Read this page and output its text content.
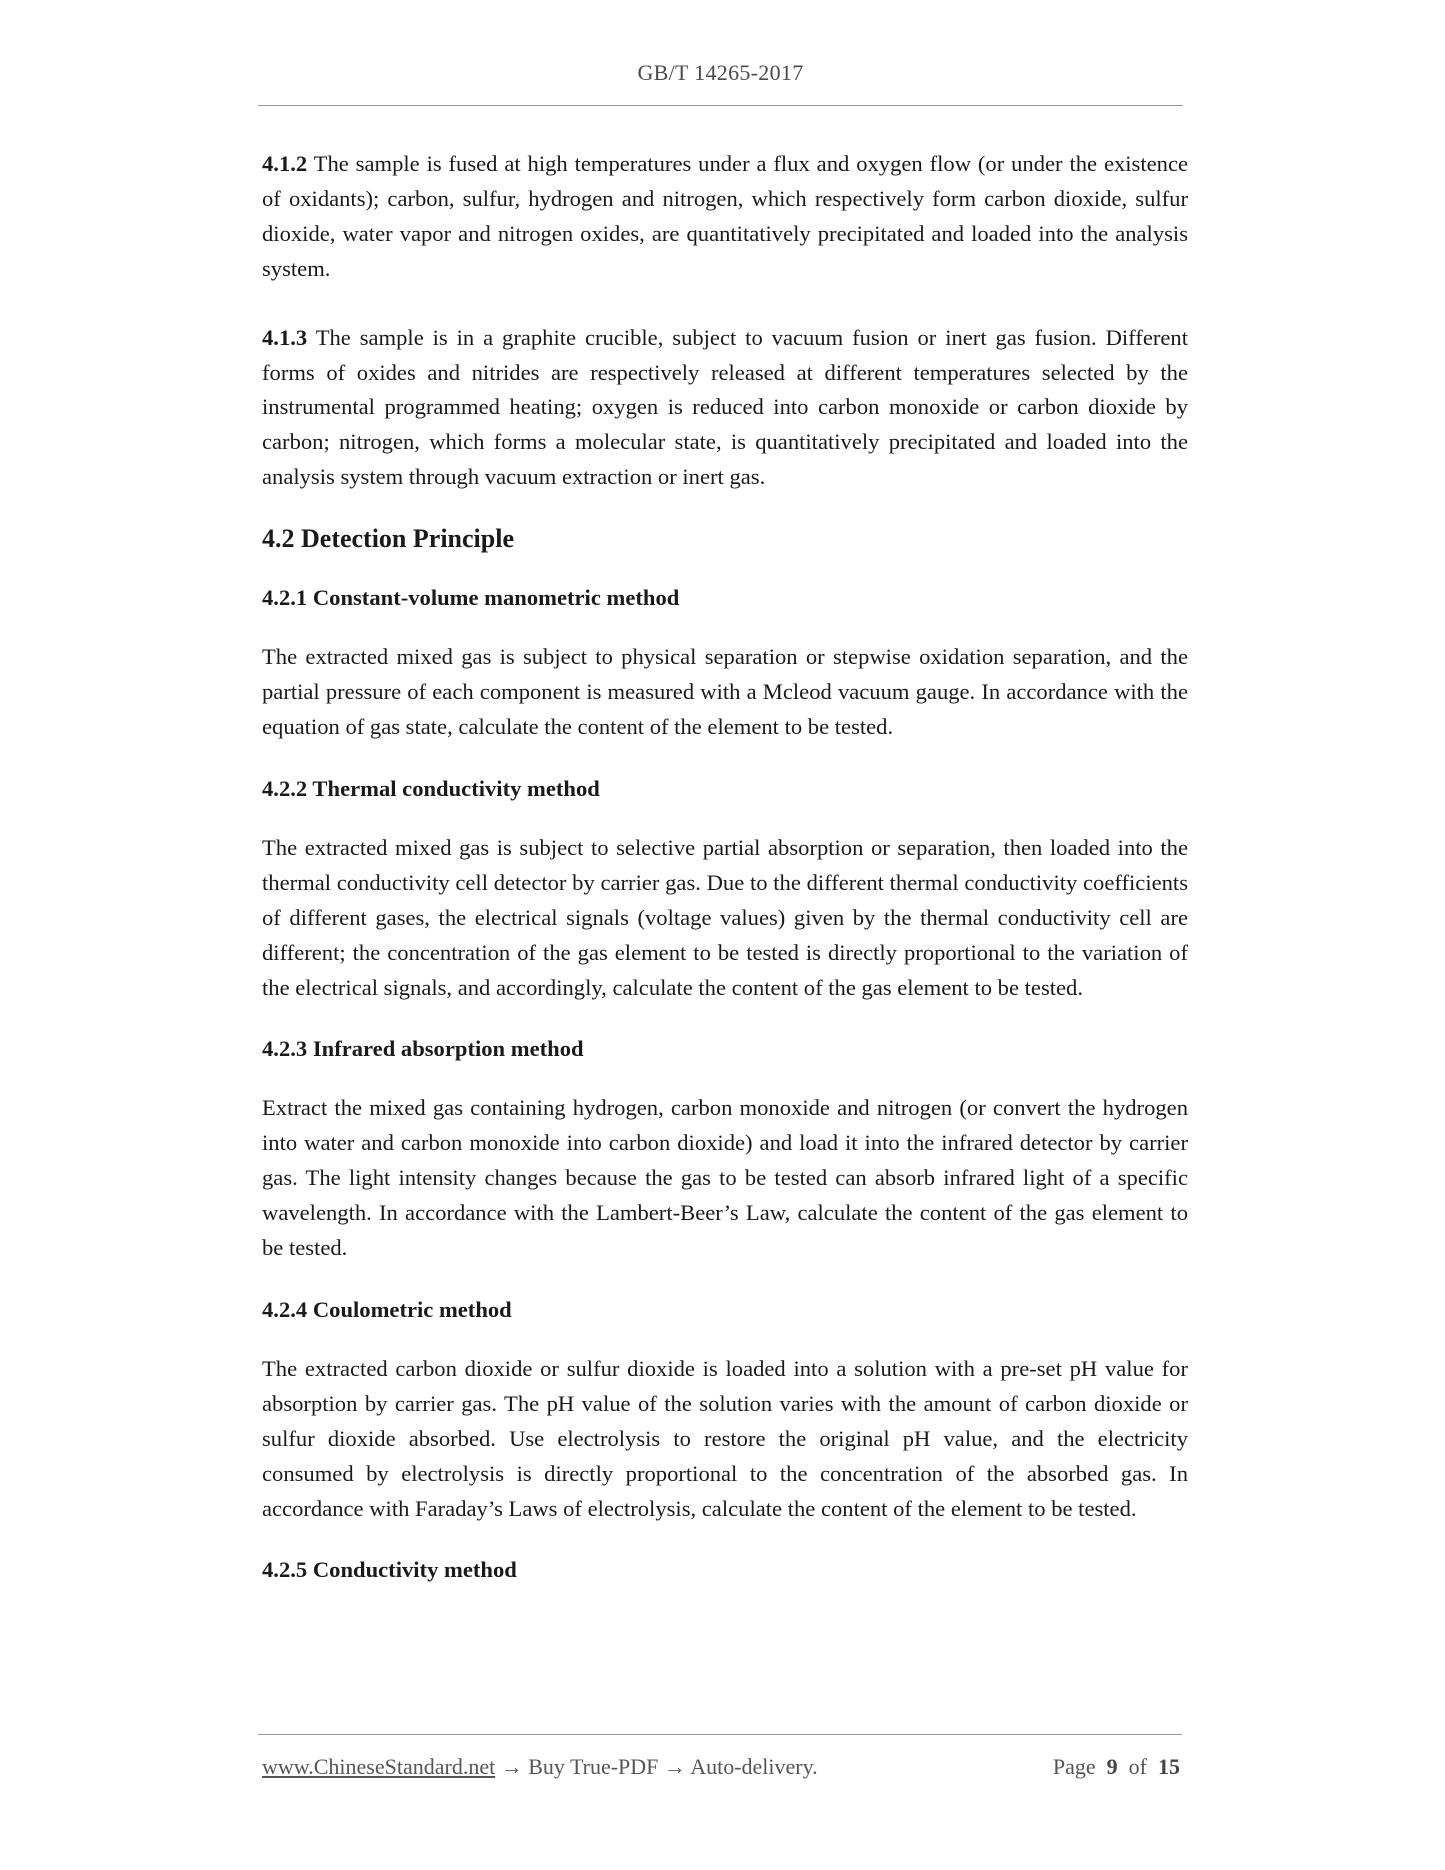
GB/T 14265-2017

4.1.2 The sample is fused at high temperatures under a flux and oxygen flow (or under the existence of oxidants); carbon, sulfur, hydrogen and nitrogen, which respectively form carbon dioxide, sulfur dioxide, water vapor and nitrogen oxides, are quantitatively precipitated and loaded into the analysis system.

4.1.3 The sample is in a graphite crucible, subject to vacuum fusion or inert gas fusion. Different forms of oxides and nitrides are respectively released at different temperatures selected by the instrumental programmed heating; oxygen is reduced into carbon monoxide or carbon dioxide by carbon; nitrogen, which forms a molecular state, is quantitatively precipitated and loaded into the analysis system through vacuum extraction or inert gas.

4.2 Detection Principle
4.2.1 Constant-volume manometric method

The extracted mixed gas is subject to physical separation or stepwise oxidation separation, and the partial pressure of each component is measured with a Mcleod vacuum gauge. In accordance with the equation of gas state, calculate the content of the element to be tested.

4.2.2 Thermal conductivity method

The extracted mixed gas is subject to selective partial absorption or separation, then loaded into the thermal conductivity cell detector by carrier gas. Due to the different thermal conductivity coefficients of different gases, the electrical signals (voltage values) given by the thermal conductivity cell are different; the concentration of the gas element to be tested is directly proportional to the variation of the electrical signals, and accordingly, calculate the content of the gas element to be tested.

4.2.3 Infrared absorption method

Extract the mixed gas containing hydrogen, carbon monoxide and nitrogen (or convert the hydrogen into water and carbon monoxide into carbon dioxide) and load it into the infrared detector by carrier gas. The light intensity changes because the gas to be tested can absorb infrared light of a specific wavelength. In accordance with the Lambert-Beer’s Law, calculate the content of the gas element to be tested.

4.2.4 Coulometric method

The extracted carbon dioxide or sulfur dioxide is loaded into a solution with a pre-set pH value for absorption by carrier gas. The pH value of the solution varies with the amount of carbon dioxide or sulfur dioxide absorbed. Use electrolysis to restore the original pH value, and the electricity consumed by electrolysis is directly proportional to the concentration of the absorbed gas. In accordance with Faraday’s Laws of electrolysis, calculate the content of the element to be tested.

4.2.5 Conductivity method
www.ChineseStandard.net → Buy True-PDF → Auto-delivery.	Page 9 of 15
